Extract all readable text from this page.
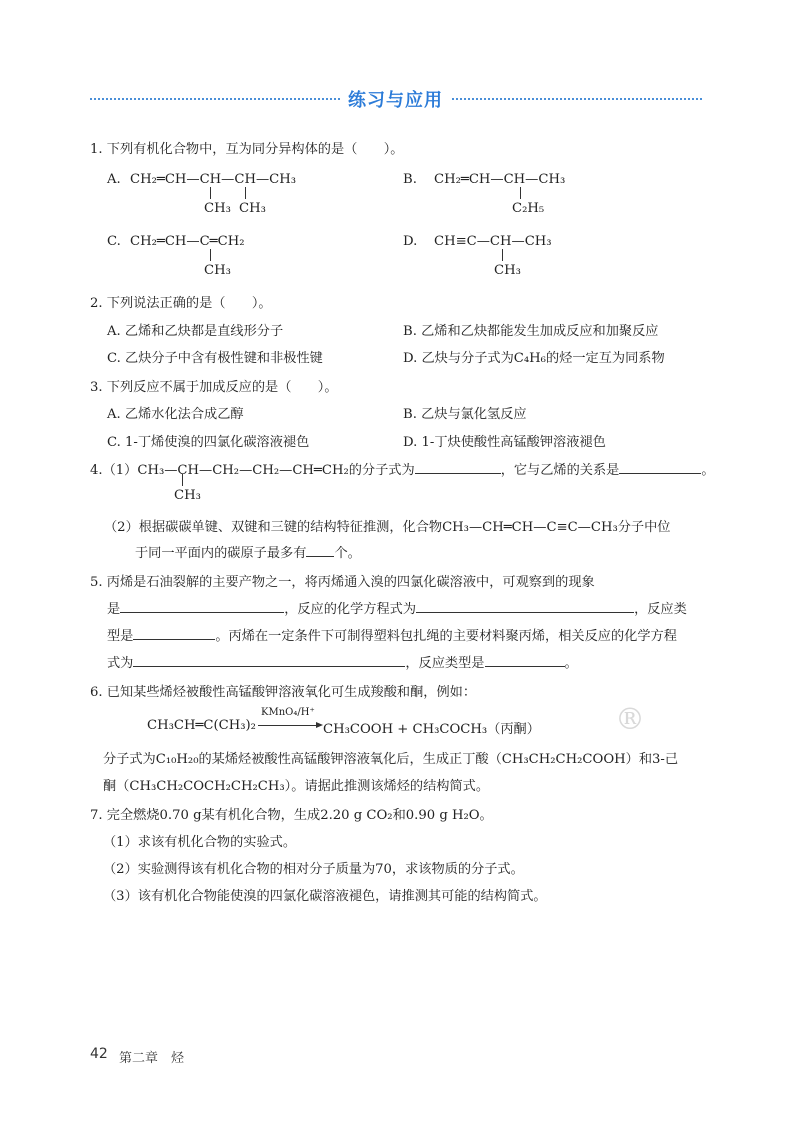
练习与应用
®
1. 下列有机化合物中，互为同分异构体的是（　　）。
A. CH₂═CH—CH—CH—CH₃
CH₃ CH₃
B. CH₂═CH—CH—CH₃
C₂H₅
C. CH₂═CH—C═CH₂
CH₃
D. CH≡C—CH—CH₃
CH₃
2. 下列说法正确的是（　　）。
A. 乙烯和乙炔都是直线形分子	B. 乙烯和乙炔都能发生加成反应和加聚反应
C. 乙炔分子中含有极性键和非极性键	D. 乙炔与分子式为C₄H₆的烃一定互为同系物
3. 下列反应不属于加成反应的是（　　）。
A. 乙烯水化法合成乙醇	B. 乙炔与氯化氢反应
C. 1-丁烯使溴的四氯化碳溶液褪色	D. 1-丁炔使酸性高锰酸钾溶液褪色
4.（1）CH₃—CH—CH₂—CH₂—CH═CH₂的分子式为	，它与乙烯的关系是	。
CH₃
（2）根据碳碳单键、双键和三键的结构特征推测，化合物CH₃—CH═CH—C≡C—CH₃分子中位
于同一平面内的碳原子最多有 个。
5. 丙烯是石油裂解的主要产物之一，将丙烯通入溴的四氯化碳溶液中，可观察到的现象
是	，反应的化学方程式为	，反应类
型是	。丙烯在一定条件下可制得塑料包扎绳的主要材料聚丙烯，相关反应的化学方程
式为	，反应类型是	。
6. 已知某些烯烃被酸性高锰酸钾溶液氧化可生成羧酸和酮，例如：
CH₃CH═C(CH₃)₂
KMnO₄/H⁺
CH₃COOH + CH₃COCH₃（丙酮）
分子式为C₁₀H₂₀的某烯烃被酸性高锰酸钾溶液氧化后，生成正丁酸（CH₃CH₂CH₂COOH）和3-己
酮（CH₃CH₂COCH₂CH₂CH₃）。请据此推测该烯烃的结构简式。
7. 完全燃烧0.70 g某有机化合物，生成2.20 g CO₂和0.90 g H₂O。
（1）求该有机化合物的实验式。
（2）实验测得该有机化合物的相对分子质量为70，求该物质的分子式。
（3）该有机化合物能使溴的四氯化碳溶液褪色，请推测其可能的结构简式。
42 第二章　烃
